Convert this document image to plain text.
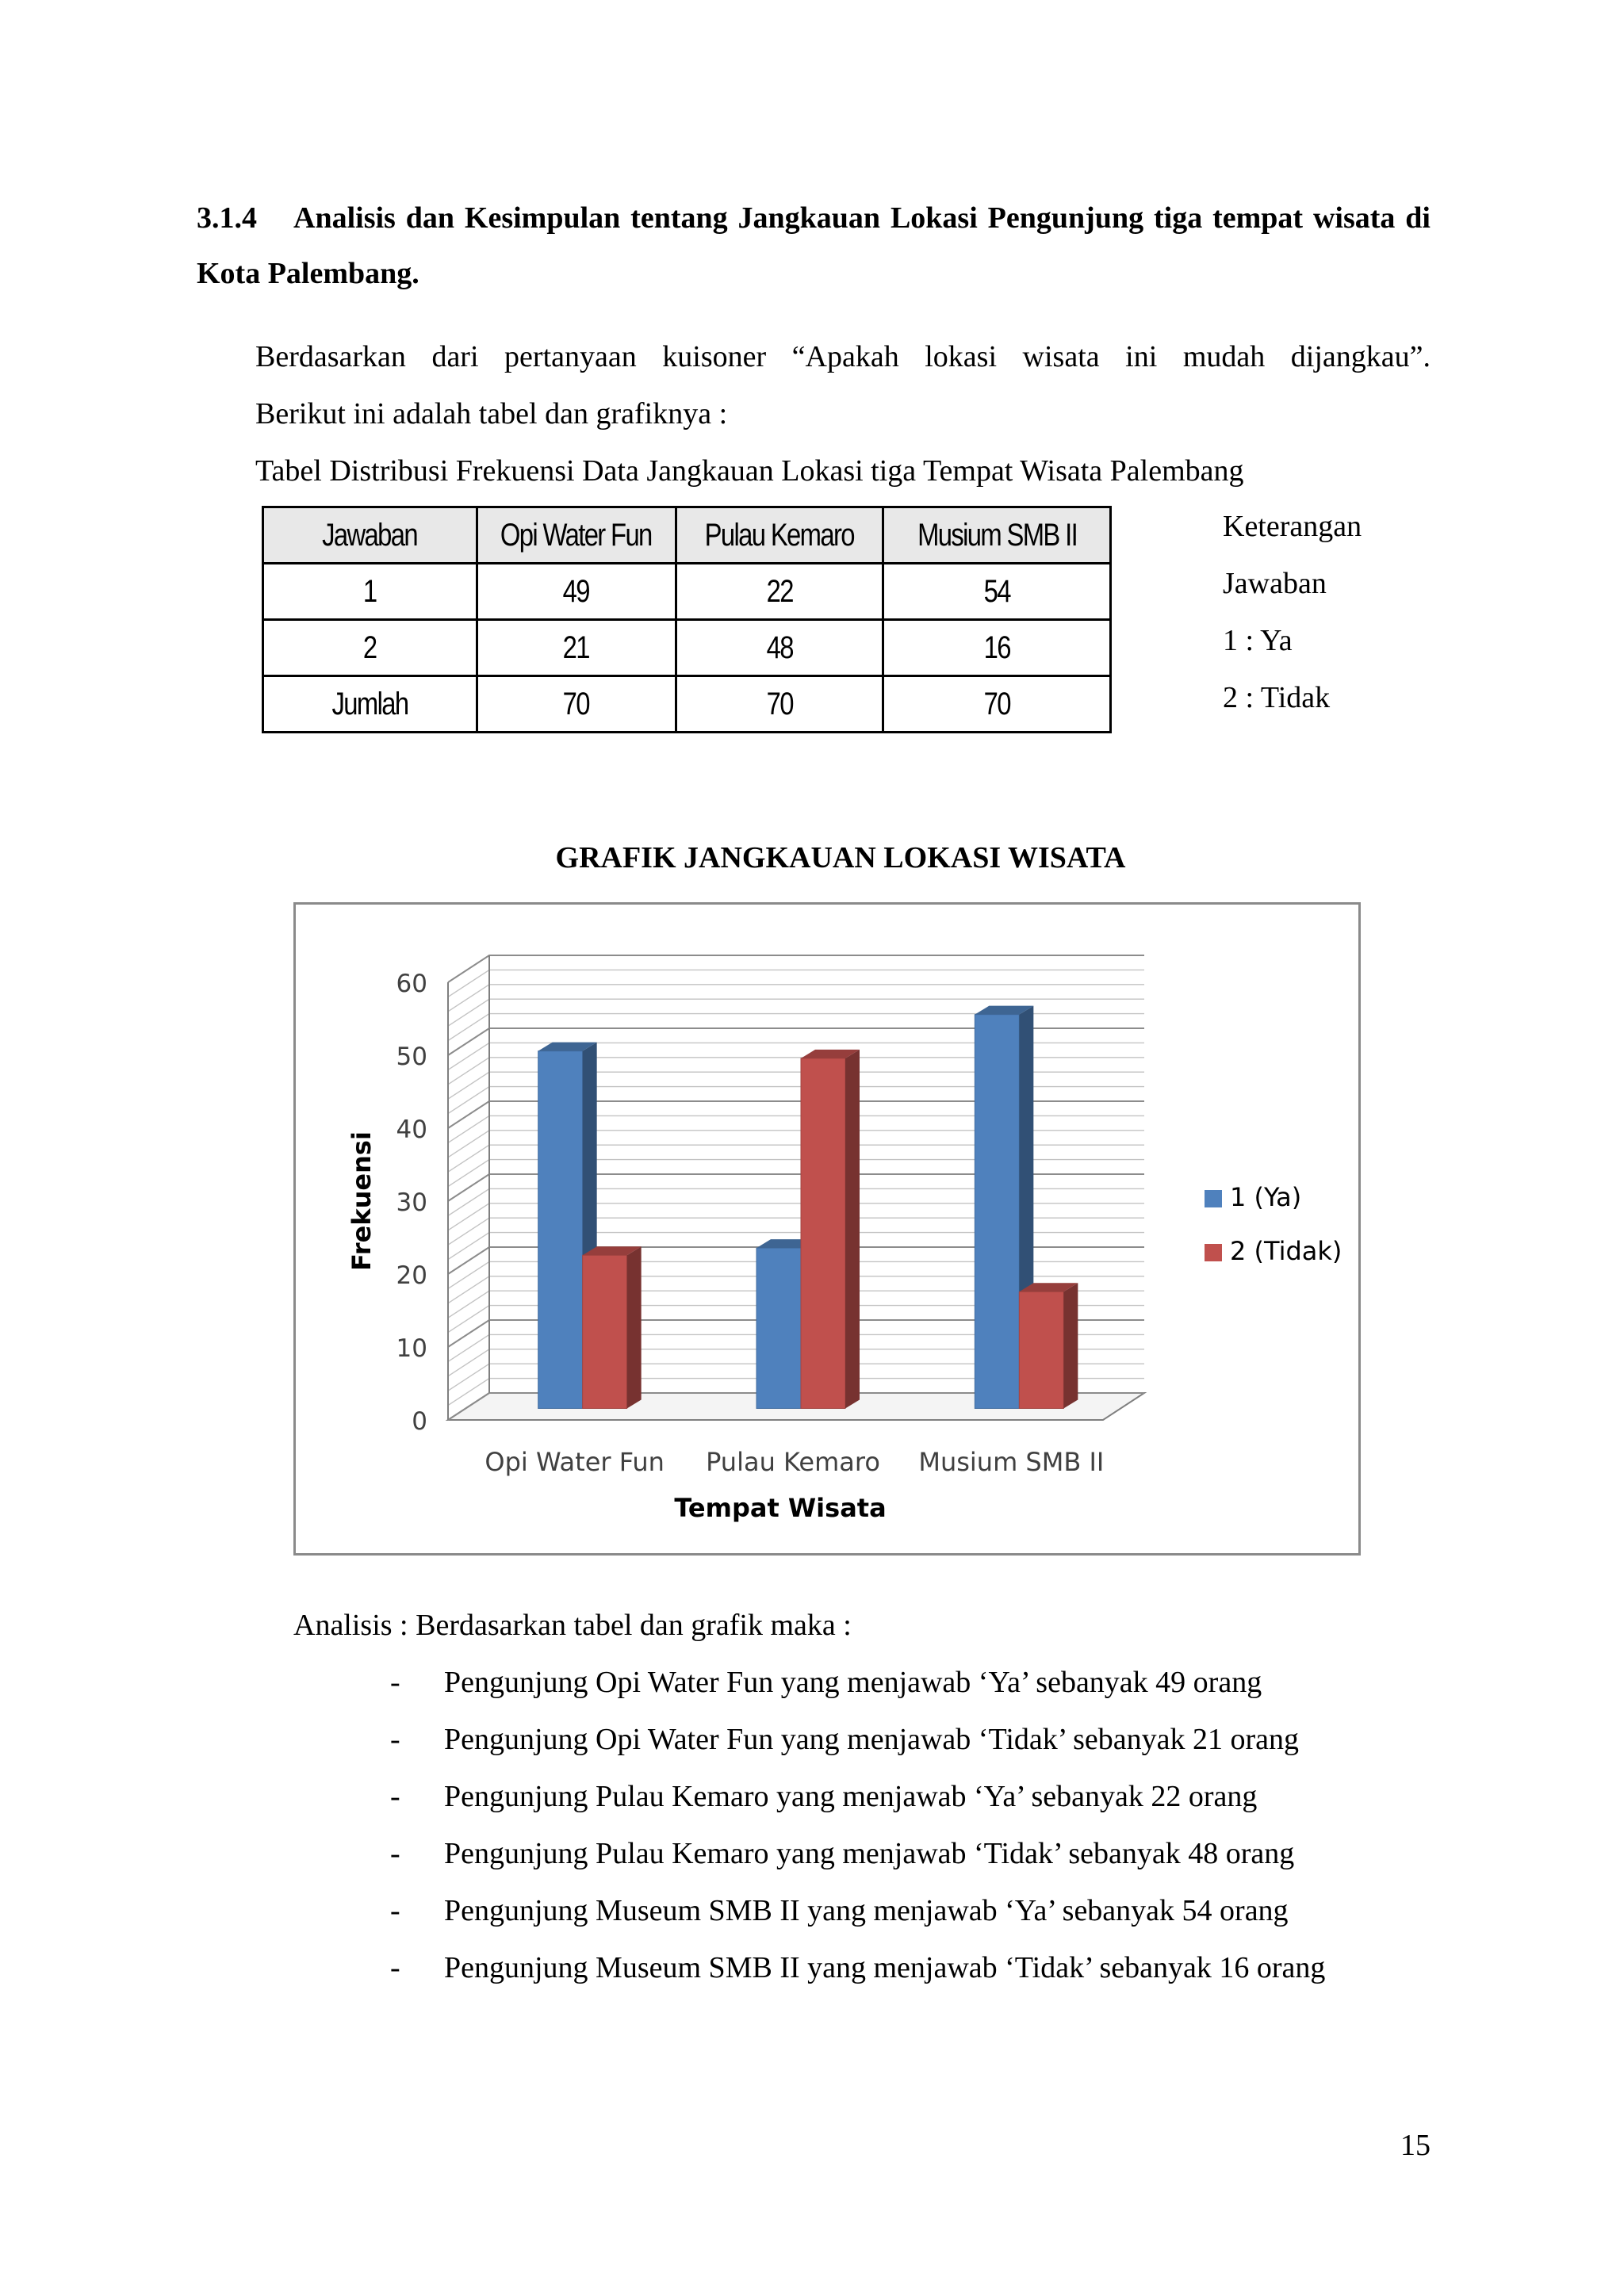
3.1.4 Analisis dan Kesimpulan tentang Jangkauan Lokasi Pengunjung tiga tempat wisata di Kota Palembang.
Berdasarkan dari pertanyaan kuisoner “Apakah lokasi wisata ini mudah dijangkau”.
Berikut ini adalah tabel dan grafiknya :
Tabel Distribusi Frekuensi Data Jangkauan Lokasi tiga Tempat Wisata Palembang
Jawaban	Opi Water Fun	Pulau Kemaro	Musium SMB II
1	49	22	54
2	21	48	16
Jumlah	70	70	70
Keterangan
Jawaban
1 : Ya
2 : Tidak
GRAFIK JANGKAUAN LOKASI WISATA
0
10
20
30
40
50
60
Frekuensi
Opi Water Fun Pulau Kemaro Musium SMB II
Tempat Wisata
1 (Ya)
2 (Tidak)
Analisis : Berdasarkan tabel dan grafik maka :
- Pengunjung Opi Water Fun yang menjawab ‘Ya’ sebanyak 49 orang
- Pengunjung Opi Water Fun yang menjawab ‘Tidak’ sebanyak 21 orang
- Pengunjung Pulau Kemaro yang menjawab ‘Ya’ sebanyak 22 orang
- Pengunjung Pulau Kemaro yang menjawab ‘Tidak’ sebanyak 48 orang
- Pengunjung Museum SMB II yang menjawab ‘Ya’ sebanyak 54 orang
- Pengunjung Museum SMB II yang menjawab ‘Tidak’ sebanyak 16 orang
15
